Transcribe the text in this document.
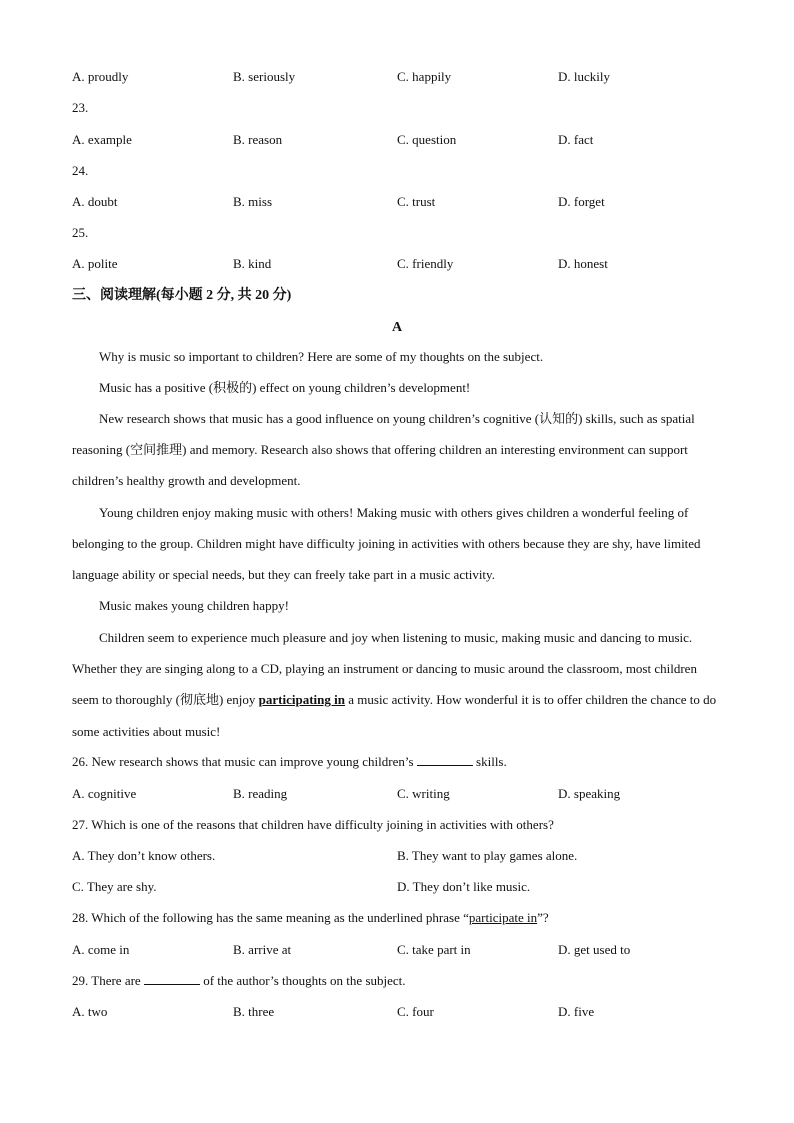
A. proudly	B. seriously	C. happily	D. luckily
23.
A. example	B. reason	C. question	D. fact
24.
A. doubt	B. miss	C. trust	D. forget
25.
A. polite	B. kind	C. friendly	D. honest
三、阅读理解(每小题 2 分, 共 20 分)
A
Why is music so important to children? Here are some of my thoughts on the subject.
Music has a positive (积极的) effect on young children’s development!
New research shows that music has a good influence on young children’s cognitive (认知的) skills, such as spatial reasoning (空间推理) and memory. Research also shows that offering children an interesting environment can support children’s healthy growth and development.
Young children enjoy making music with others! Making music with others gives children a wonderful feeling of belonging to the group. Children might have difficulty joining in activities with others because they are shy, have limited language ability or special needs, but they can freely take part in a music activity.
Music makes young children happy!
Children seem to experience much pleasure and joy when listening to music, making music and dancing to music. Whether they are singing along to a CD, playing an instrument or dancing to music around the classroom, most children seem to thoroughly (彻底地) enjoy participating in a music activity. How wonderful it is to offer children the chance to do some activities about music!
26. New research shows that music can improve young children’s	skills.
A. cognitive	B. reading	C. writing	D. speaking
27. Which is one of the reasons that children have difficulty joining in activities with others?
A. They don’t know others.	B. They want to play games alone.
C. They are shy.	D. They don’t like music.
28. Which of the following has the same meaning as the underlined phrase “participate in”?
A. come in	B. arrive at	C. take part in	D. get used to
29. There are	of the author’s thoughts on the subject.
A. two	B. three	C. four	D. five
